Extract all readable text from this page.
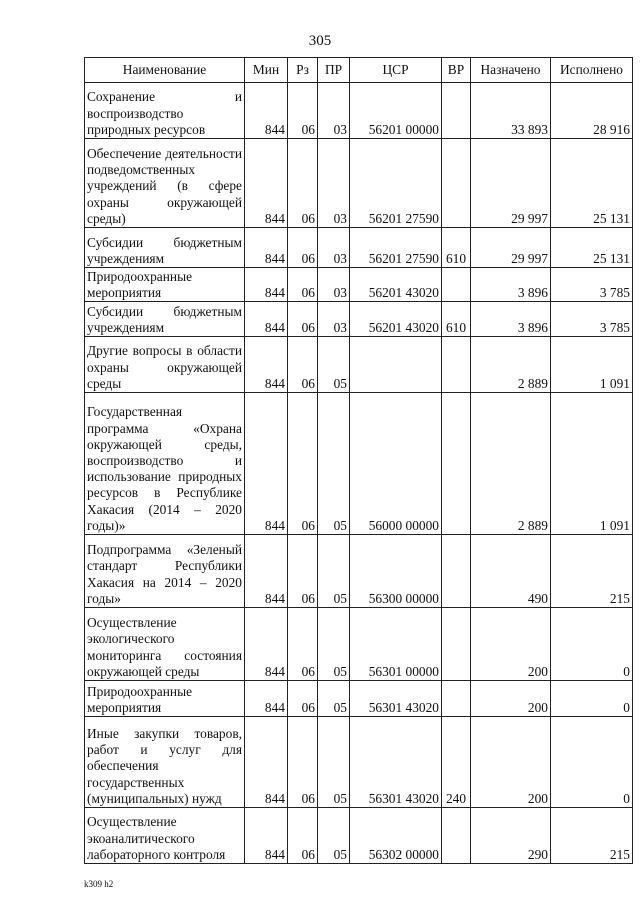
305
Наименование	Мин	Рз	ПР	ЦСР	ВР	Назначено	Исполнено
Сохранение и воспроизводство природных ресурсов	844	06	03	56201 00000		33 893	28 916
Обеспечение деятельности подведомственных учреждений (в сфере охраны окружающей среды)	844	06	03	56201 27590		29 997	25 131
Субсидии бюджетным учреждениям	844	06	03	56201 27590	610	29 997	25 131
Природоохранные мероприятия	844	06	03	56201 43020		3 896	3 785
Субсидии бюджетным учреждениям	844	06	03	56201 43020	610	3 896	3 785
Другие вопросы в области охраны окружающей среды	844	06	05			2 889	1 091
Государственная программа «Охрана окружающей среды, воспроизводство и использование природных ресурсов в Республике Хакасия (2014 – 2020 годы)»	844	06	05	56000 00000		2 889	1 091
Подпрограмма «Зеленый стандарт Республики Хакасия на 2014 – 2020 годы»	844	06	05	56300 00000		490	215
Осуществление экологического мониторинга состояния окружающей среды	844	06	05	56301 00000		200	0
Природоохранные мероприятия	844	06	05	56301 43020		200	0
Иные закупки товаров, работ и услуг для обеспечения государственных (муниципальных) нужд	844	06	05	56301 43020	240	200	0
Осуществление экоаналитического лабораторного контроля	844	06	05	56302 00000		290	215
k309 h2
